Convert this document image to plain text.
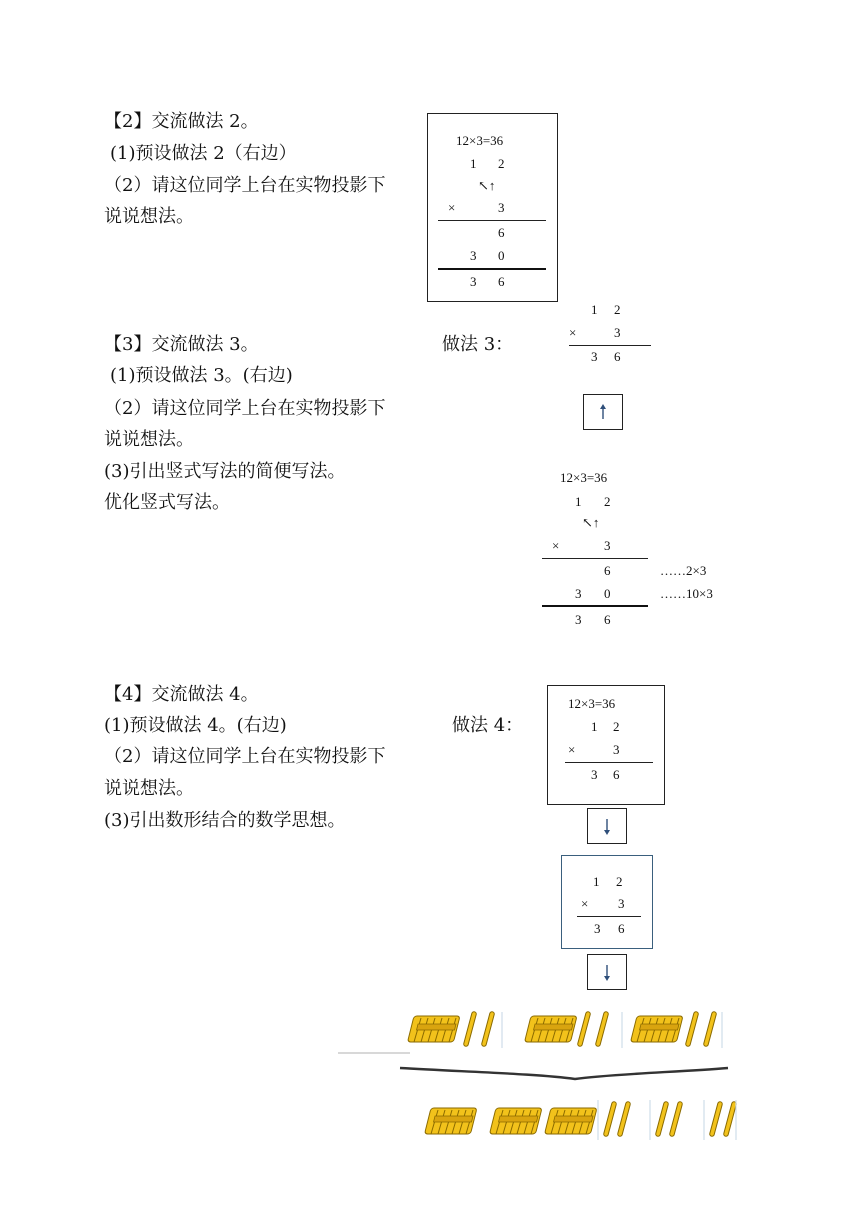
【2】交流做法 2。
(1)预设做法 2（右边）
（2）请这位同学上台在实物投影下
说说想法。
12×3=36
1 2
↖↑
×	3
6
3 0
3 6
【3】交流做法 3。	做法 3：
(1)预设做法 3。(右边)
（2）请这位同学上台在实物投影下
说说想法。
(3)引出竖式写法的简便写法。
优化竖式写法。
1 2
×	3
3 6
12×3=36
1 2
↖↑
×	3
6	……2×3
3 0	……10×3
3 6
【4】交流做法 4。
(1)预设做法 4。(右边)	做法 4：
（2）请这位同学上台在实物投影下
说说想法。
(3)引出数形结合的数学思想。
12×3=36
1 2
×	3
3 6
1 2
× 3
3 6
